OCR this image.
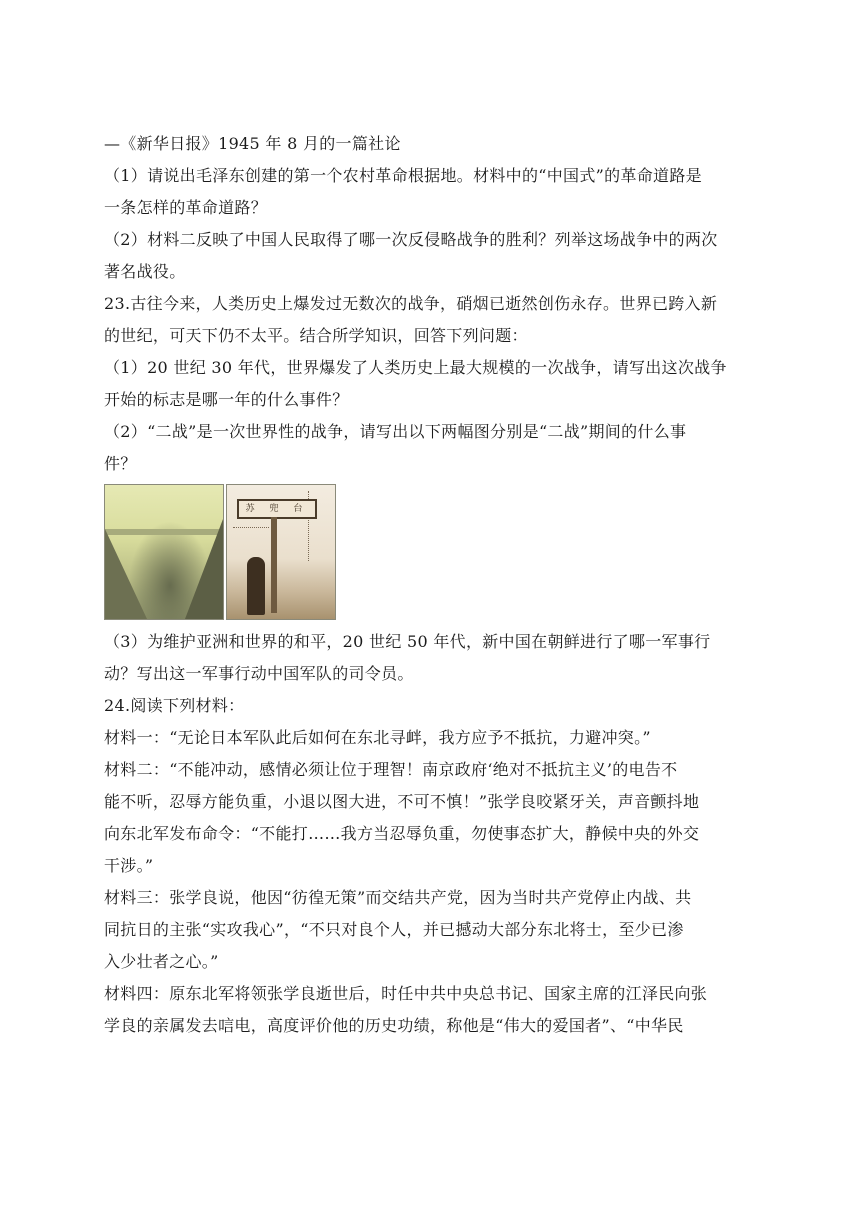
—《新华日报》1945 年 8 月的一篇社论
（1）请说出毛泽东创建的第一个农村革命根据地。材料中的“中国式”的革命道路是
一条怎样的革命道路？
（2）材料二反映了中国人民取得了哪一次反侵略战争的胜利？列举这场战争中的两次
著名战役。
23.古往今来，人类历史上爆发过无数次的战争，硝烟已逝然创伤永存。世界已跨入新
的世纪，可天下仍不太平。结合所学知识，回答下列问题：
（1）20 世纪 30 年代，世界爆发了人类历史上最大规模的一次战争，请写出这次战争
开始的标志是哪一年的什么事件？
（2）“二战”是一次世界性的战争，请写出以下两幅图分别是“二战”期间的什么事
件？
苏 兜 台
（3）为维护亚洲和世界的和平，20 世纪 50 年代，新中国在朝鲜进行了哪一军事行
动？写出这一军事行动中国军队的司令员。
24.阅读下列材料：
材料一：“无论日本军队此后如何在东北寻衅，我方应予不抵抗，力避冲突。”
材料二：“不能冲动，感情必须让位于理智！南京政府‘绝对不抵抗主义’的电告不
能不听，忍辱方能负重，小退以图大进，不可不慎！”张学良咬紧牙关，声音颤抖地
向东北军发布命令：“不能打……我方当忍辱负重，勿使事态扩大，静候中央的外交
干涉。”
材料三：张学良说，他因“彷徨无策”而交结共产党，因为当时共产党停止内战、共
同抗日的主张“实攻我心”，“不只对良个人，并已撼动大部分东北将士，至少已渗
入少壮者之心。”
材料四：原东北军将领张学良逝世后，时任中共中央总书记、国家主席的江泽民向张
学良的亲属发去唁电，高度评价他的历史功绩，称他是“伟大的爱国者”、“中华民
